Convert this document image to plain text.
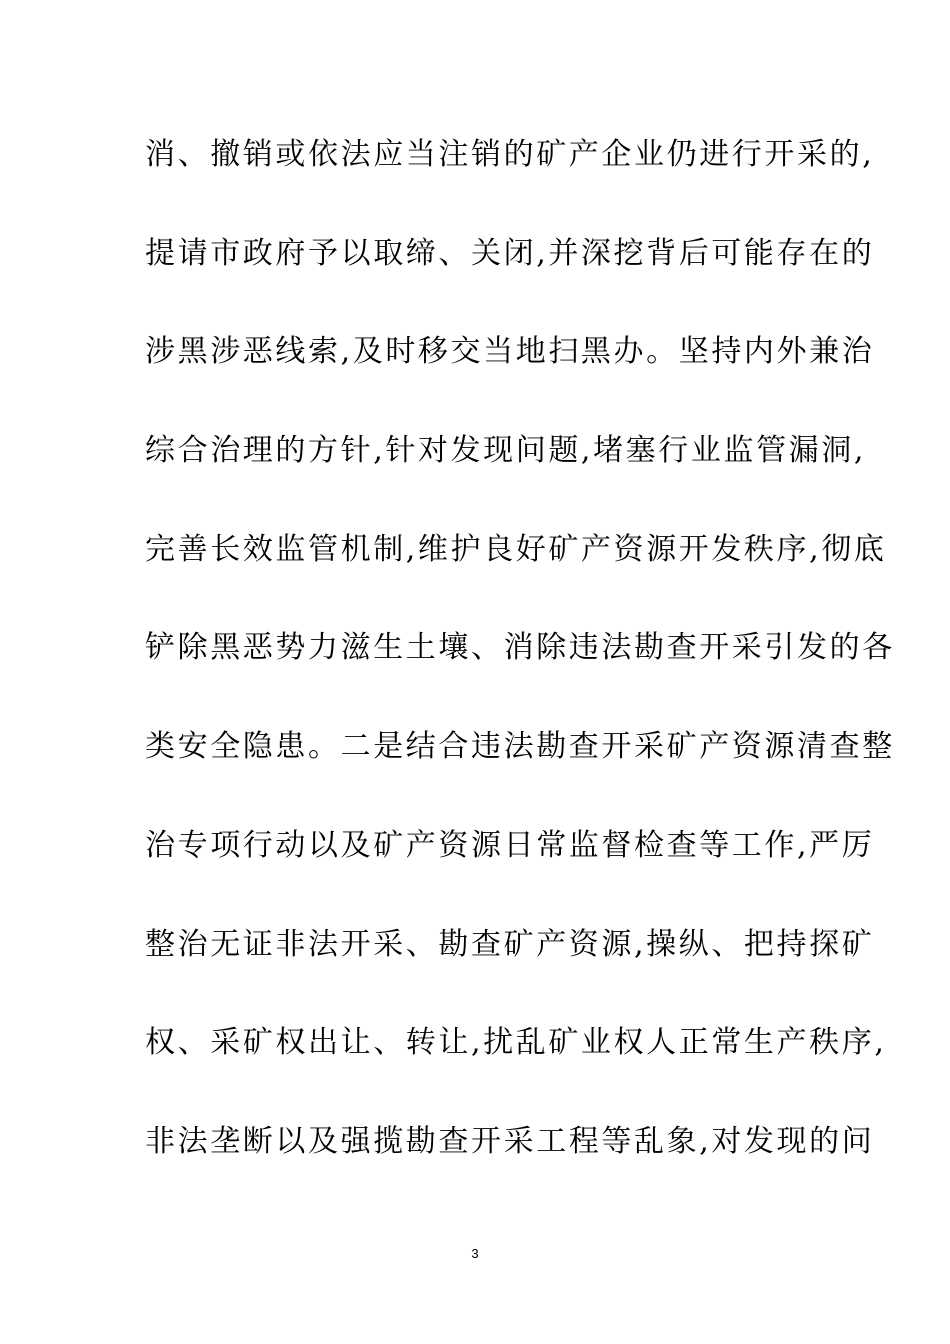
消、撤销或依法应当注销的矿产企业仍进行开采的,
提请市政府予以取缔、关闭,并深挖背后可能存在的
涉黑涉恶线索,及时移交当地扫黑办。坚持内外兼治
综合治理的方针,针对发现问题,堵塞行业监管漏洞,
完善长效监管机制,维护良好矿产资源开发秩序,彻底
铲除黑恶势力滋生土壤、消除违法勘查开采引发的各
类安全隐患。二是结合违法勘查开采矿产资源清查整
治专项行动以及矿产资源日常监督检查等工作,严厉
整治无证非法开采、勘查矿产资源,操纵、把持探矿
权、采矿权出让、转让,扰乱矿业权人正常生产秩序,
非法垄断以及强揽勘查开采工程等乱象,对发现的问
3
